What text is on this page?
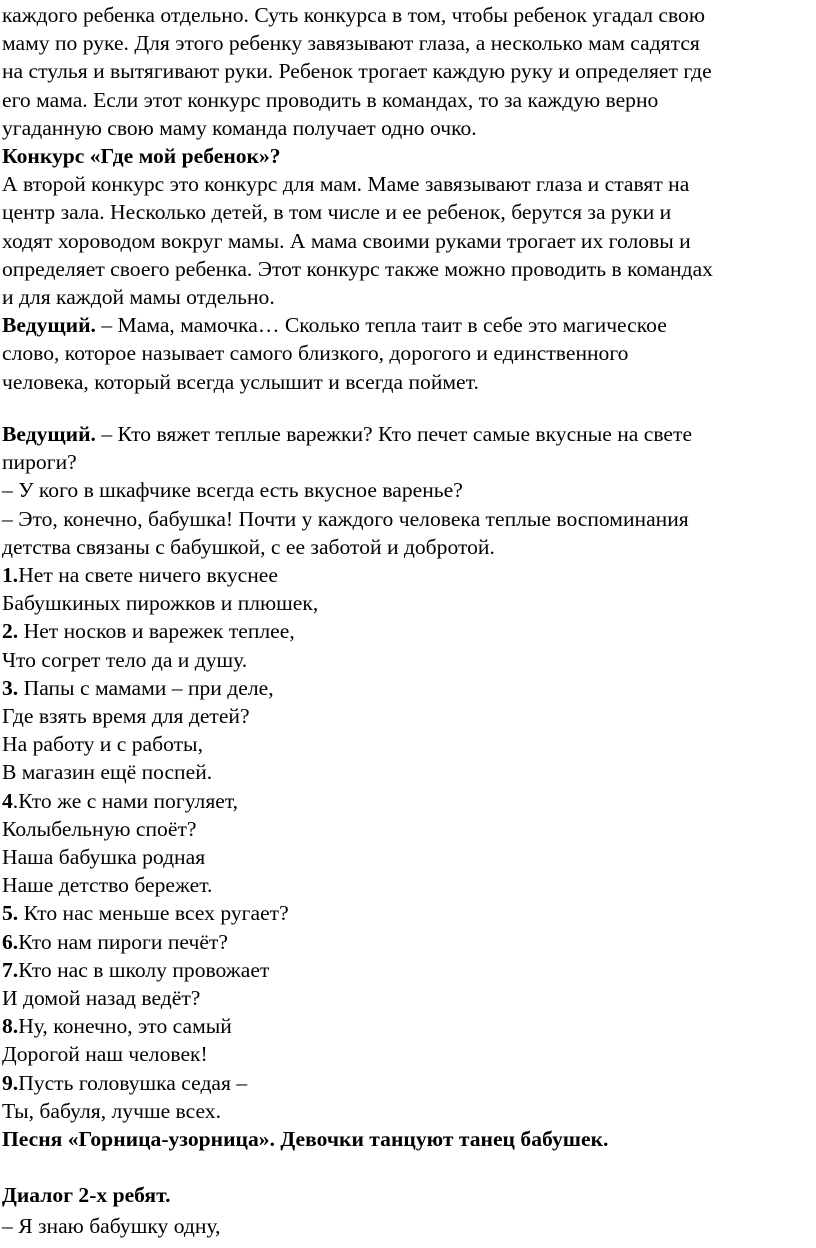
каждого ребенка отдельно. Суть конкурса в том, чтобы ребенок угадал свою
маму по руке. Для этого ребенку завязывают глаза, а несколько мам садятся
на стулья и вытягивают руки. Ребенок трогает каждую руку и определяет где
его мама. Если этот конкурс проводить в командах, то за каждую верно
угаданную свою маму команда получает одно очко.
Конкурс «Где мой ребенок»?
А второй конкурс это конкурс для мам. Маме завязывают глаза и ставят на
центр зала. Несколько детей, в том числе и ее ребенок, берутся за руки и
ходят хороводом вокруг мамы. А мама своими руками трогает их головы и
определяет своего ребенка. Этот конкурс также можно проводить в командах
и для каждой мамы отдельно.
Ведущий. – Мама, мамочка… Сколько тепла таит в себе это магическое
слово, которое называет самого близкого, дорогого и единственного
человека, который всегда услышит и всегда поймет.
Ведущий. – Кто вяжет теплые варежки? Кто печет самые вкусные на свете
пироги?
– У кого в шкафчике всегда есть вкусное варенье?
– Это, конечно, бабушка! Почти у каждого человека теплые воспоминания
детства связаны с бабушкой, с ее заботой и добротой.
1.Нет на свете ничего вкуснее
Бабушкиных пирожков и плюшек,
2. Нет носков и варежек теплее,
Что согрет тело да и душу.
3. Папы с мамами – при деле,
Где взять время для детей?
На работу и с работы,
В магазин ещё поспей.
4.Кто же с нами погуляет,
Колыбельную споёт?
Наша бабушка родная
Наше детство бережет.
5. Кто нас меньше всех ругает?
6.Кто нам пироги печёт?
7.Кто нас в школу провожает
И домой назад ведёт?
8.Ну, конечно, это самый
Дорогой наш человек!
9.Пусть головушка седая –
Ты, бабуля, лучше всех.
Песня «Горница-узорница». Девочки танцуют танец бабушек.
Диалог 2-х ребят.
– Я знаю бабушку одну,
